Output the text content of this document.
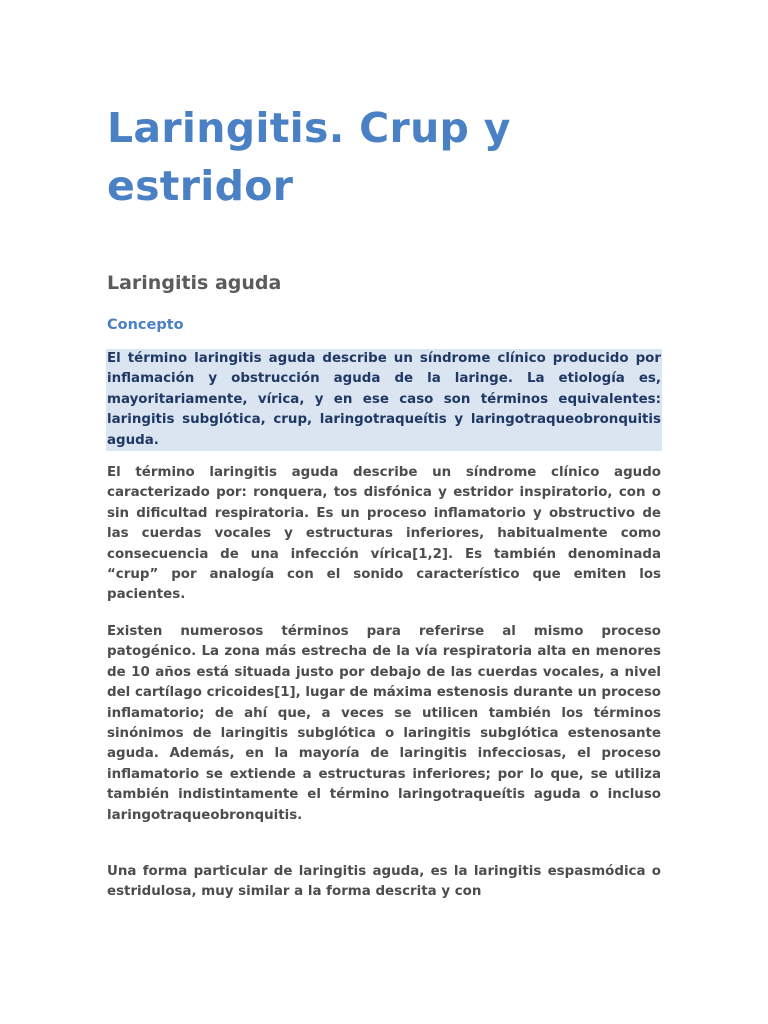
Laringitis. Crup y estridor
Laringitis aguda
Concepto

El término laringitis aguda describe un síndrome clínico producido por inflamación y obstrucción aguda de la laringe. La etiología es, mayoritariamente, vírica, y en ese caso son términos equivalentes: laringitis subglótica, crup, laringotraqueítis y laringotraqueobronquitis aguda.

El término laringitis aguda describe un síndrome clínico agudo caracterizado por: ronquera, tos disfónica y estridor inspiratorio, con o sin dificultad respiratoria. Es un proceso inflamatorio y obstructivo de las cuerdas vocales y estructuras inferiores, habitualmente como consecuencia de una infección vírica[1,2]. Es también denominada “crup” por analogía con el sonido característico que emiten los pacientes.

Existen numerosos términos para referirse al mismo proceso patogénico. La zona más estrecha de la vía respiratoria alta en menores de 10 años está situada justo por debajo de las cuerdas vocales, a nivel del cartílago cricoides[1], lugar de máxima estenosis durante un proceso inflamatorio; de ahí que, a veces se utilicen también los términos sinónimos de laringitis subglótica o laringitis subglótica estenosante aguda. Además, en la mayoría de laringitis infecciosas, el proceso inflamatorio se extiende a estructuras inferiores; por lo que, se utiliza también indistintamente el término laringotraqueítis aguda o incluso laringotraqueobronquitis.

Una forma particular de laringitis aguda, es la laringitis espasmódica o estridulosa, muy similar a la forma descrita y con
